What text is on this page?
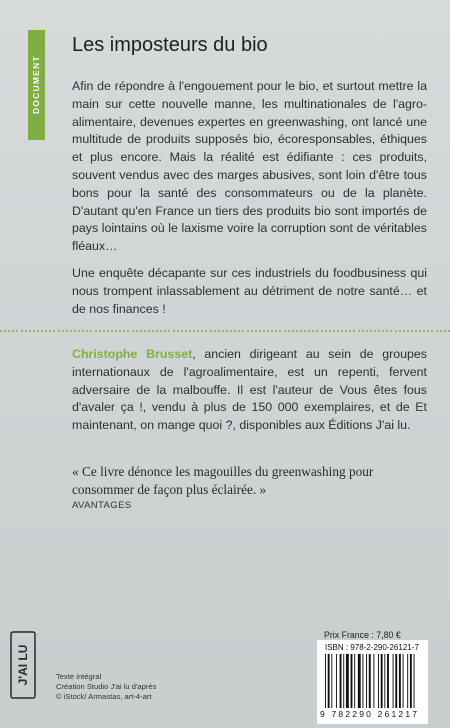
DOCUMENT
Les imposteurs du bio

Afin de répondre à l'engouement pour le bio, et surtout mettre la main sur cette nouvelle manne, les multinationales de l'agro-alimentaire, devenues expertes en greenwashing, ont lancé une multitude de produits supposés bio, écoresponsables, éthiques et plus encore. Mais la réalité est édifiante : ces produits, souvent vendus avec des marges abusives, sont loin d'être tous bons pour la santé des consommateurs ou de la planète. D'autant qu'en France un tiers des produits bio sont importés de pays lointains où le laxisme voire la corruption sont de véritables fléaux…

Une enquête décapante sur ces industriels du foodbusiness qui nous trompent inlassablement au détriment de notre santé… et de nos finances !

Christophe Brusset, ancien dirigeant au sein de groupes internationaux de l'agroalimentaire, est un repenti, fervent adversaire de la malbouffe. Il est l'auteur de Vous êtes fous d'avaler ça !, vendu à plus de 150 000 exemplaires, et de Et maintenant, on mange quoi ?, disponibles aux Éditions J'ai lu.

« Ce livre dénonce les magouilles du greenwashing pour consommer de façon plus éclairée. »

AVANTAGES
J'AI LU	Texte intégral
Création Studio J'ai lu d'après
© iStock/ Armastas, art-4-art
Prix France : 7,80 €
ISBN : 978-2-290-26121-7
9 782290 261217
